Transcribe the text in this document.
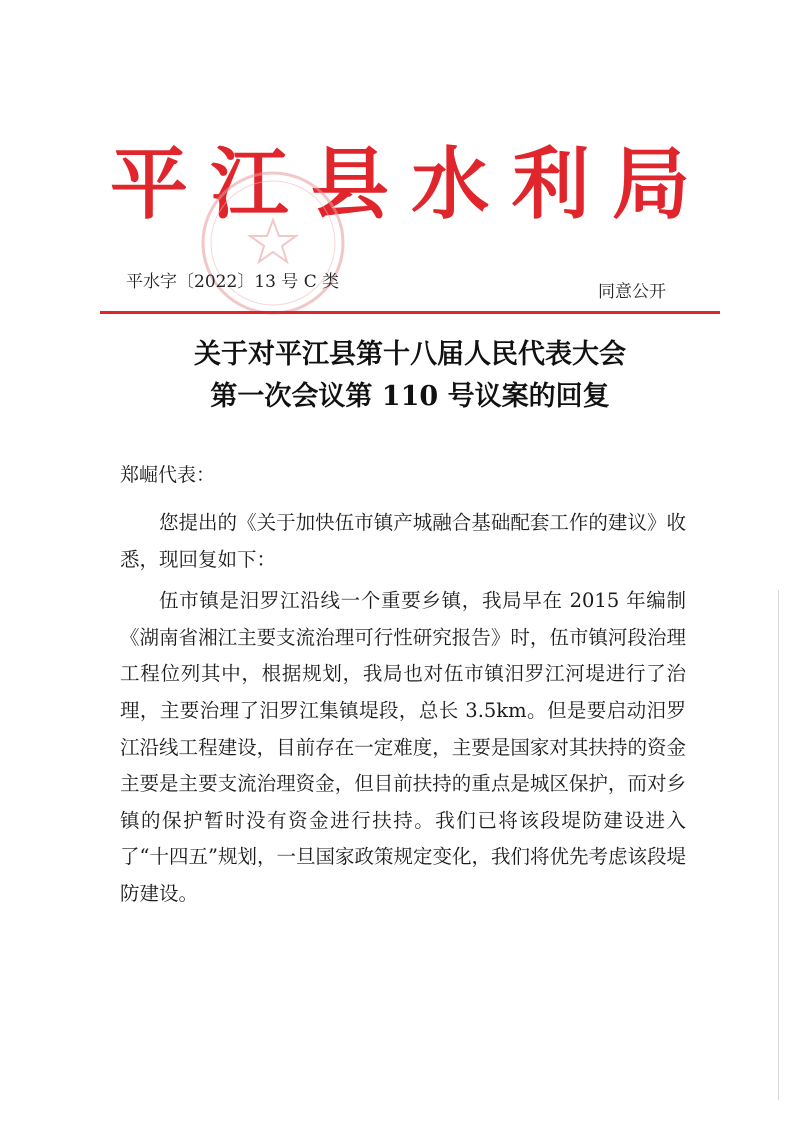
平江县水利局
平水字〔2022〕13 号 C 类	同意公开
关于对平江县第十八届人民代表大会
第一次会议第 110 号议案的回复
郑崛代表：

您提出的《关于加快伍市镇产城融合基础配套工作的建议》收悉，现回复如下：

伍市镇是汨罗江沿线一个重要乡镇，我局早在 2015 年编制《湖南省湘江主要支流治理可行性研究报告》时，伍市镇河段治理工程位列其中，根据规划，我局也对伍市镇汨罗江河堤进行了治理，主要治理了汨罗江集镇堤段，总长 3.5km。但是要启动汨罗江沿线工程建设，目前存在一定难度，主要是国家对其扶持的资金主要是主要支流治理资金，但目前扶持的重点是城区保护，而对乡镇的保护暂时没有资金进行扶持。我们已将该段堤防建设进入了“十四五”规划，一旦国家政策规定变化，我们将优先考虑该段堤防建设。
